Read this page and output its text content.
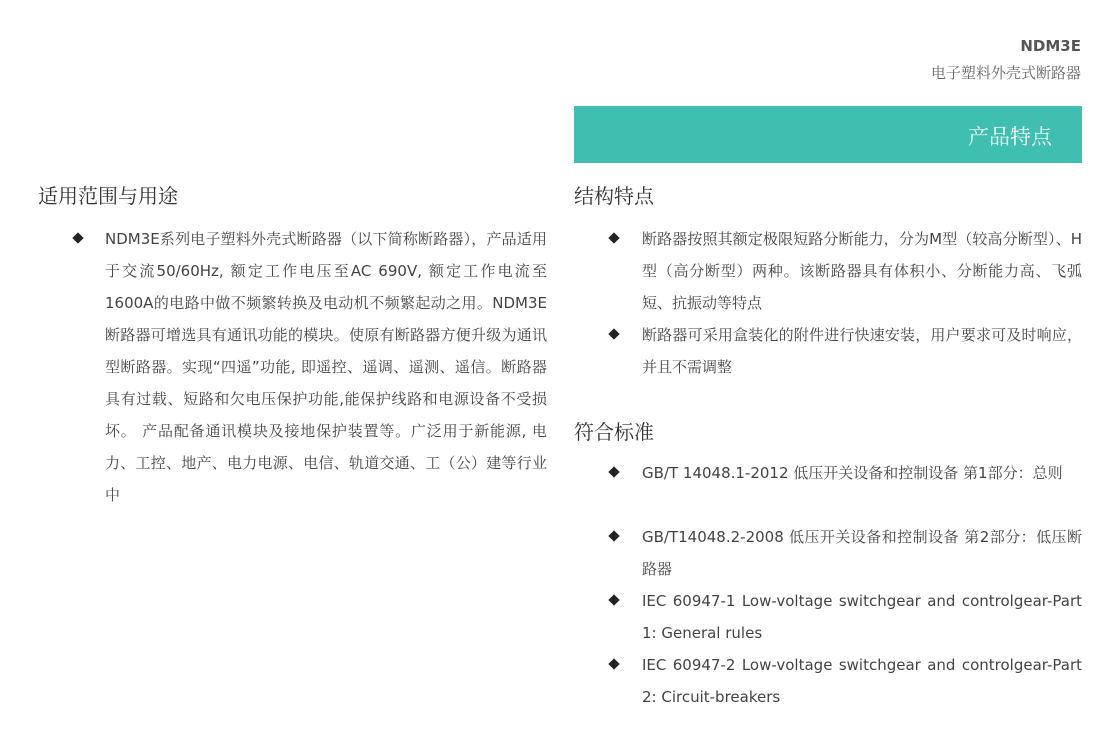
NDM3E
电子塑料外壳式断路器
产品特点
适用范围与用途
NDM3E系列电子塑料外壳式断路器（以下简称断路器），产品适用于交流50/60Hz, 额定工作电压至AC 690V, 额定工作电流至1600A的电路中做不频繁转换及电动机不频繁起动之用。NDM3E断路器可增选具有通讯功能的模块。使原有断路器方便升级为通讯型断路器。实现“四遥”功能, 即遥控、遥调、遥测、遥信。断路器具有过载、短路和欠电压保护功能,能保护线路和电源设备不受损坏。 产品配备通讯模块及接地保护装置等。广泛用于新能源, 电力、工控、地产、电力电源、电信、轨道交通、工（公）建等行业中
结构特点
断路器按照其额定极限短路分断能力，分为M型（较高分断型）、H型（高分断型）两种。该断路器具有体积小、分断能力高、飞弧短、抗振动等特点
断路器可采用盒装化的附件进行快速安装，用户要求可及时响应，并且不需调整
符合标准
GB/T 14048.1-2012 低压开关设备和控制设备 第1部分：总则
GB/T14048.2-2008 低压开关设备和控制设备 第2部分：低压断路器
IEC 60947-1 Low-voltage switchgear and controlgear-Part 1: General rules
IEC 60947-2 Low-voltage switchgear and controlgear-Part 2: Circuit-breakers
